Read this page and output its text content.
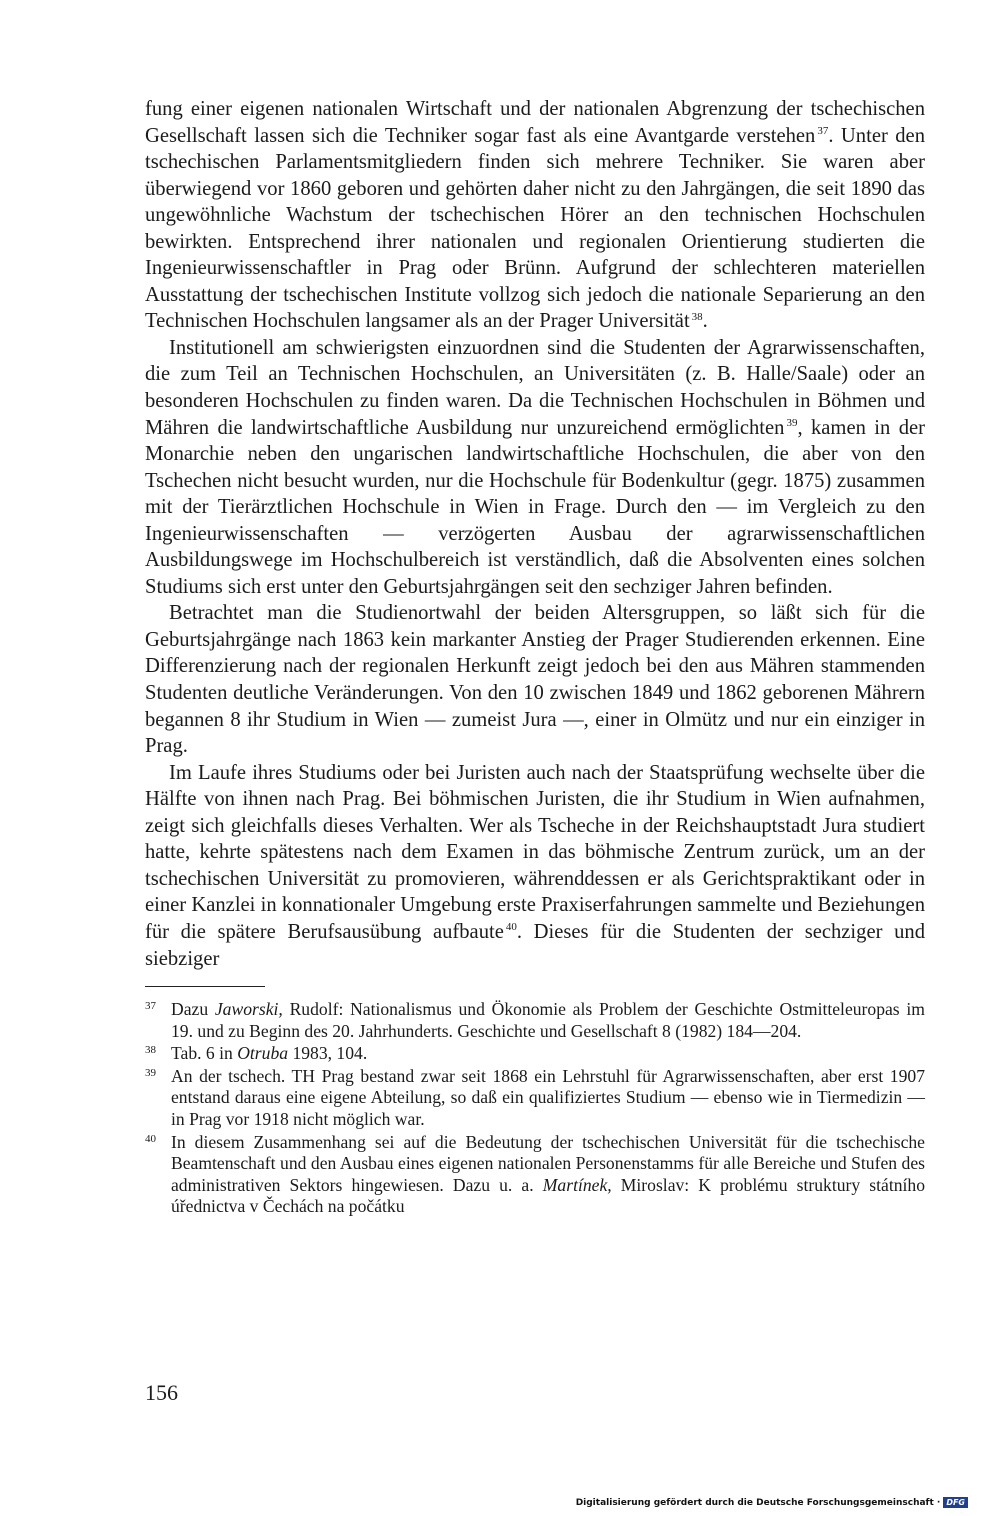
fung einer eigenen nationalen Wirtschaft und der nationalen Abgrenzung der tschechischen Gesellschaft lassen sich die Techniker sogar fast als eine Avantgarde verstehen $^{37}$. Unter den tschechischen Parlamentsmitgliedern finden sich mehrere Techniker. Sie waren aber überwiegend vor 1860 geboren und gehörten daher nicht zu den Jahrgängen, die seit 1890 das ungewöhnliche Wachstum der tschechischen Hörer an den technischen Hochschulen bewirkten. Entsprechend ihrer nationalen und regionalen Orientierung studierten die Ingenieurwissenschaftler in Prag oder Brünn. Aufgrund der schlechteren materiellen Ausstattung der tschechischen Institute vollzog sich jedoch die nationale Separierung an den Technischen Hochschulen langsamer als an der Prager Universität $^{38}$.

Institutionell am schwierigsten einzuordnen sind die Studenten der Agrarwissenschaften, die zum Teil an Technischen Hochschulen, an Universitäten (z. B. Halle/Saale) oder an besonderen Hochschulen zu finden waren. Da die Technischen Hochschulen in Böhmen und Mähren die landwirtschaftliche Ausbildung nur unzureichend ermöglichten $^{39}$, kamen in der Monarchie neben den ungarischen landwirtschaftliche Hochschulen, die aber von den Tschechen nicht besucht wurden, nur die Hochschule für Bodenkultur (gegr. 1875) zusammen mit der Tierärztlichen Hochschule in Wien in Frage. Durch den — im Vergleich zu den Ingenieurwissenschaften — verzögerten Ausbau der agrarwissenschaftlichen Ausbildungswege im Hochschulbereich ist verständlich, daß die Absolventen eines solchen Studiums sich erst unter den Geburtsjahrgängen seit den sechziger Jahren befinden.

Betrachtet man die Studienortwahl der beiden Altersgruppen, so läßt sich für die Geburtsjahrgänge nach 1863 kein markanter Anstieg der Prager Studierenden erkennen. Eine Differenzierung nach der regionalen Herkunft zeigt jedoch bei den aus Mähren stammenden Studenten deutliche Veränderungen. Von den 10 zwischen 1849 und 1862 geborenen Mährern begannen 8 ihr Studium in Wien — zumeist Jura —, einer in Olmütz und nur ein einziger in Prag.

Im Laufe ihres Studiums oder bei Juristen auch nach der Staatsprüfung wechselte über die Hälfte von ihnen nach Prag. Bei böhmischen Juristen, die ihr Studium in Wien aufnahmen, zeigt sich gleichfalls dieses Verhalten. Wer als Tscheche in der Reichshauptstadt Jura studiert hatte, kehrte spätestens nach dem Examen in das böhmische Zentrum zurück, um an der tschechischen Universität zu promovieren, währenddessen er als Gerichtspraktikant oder in einer Kanzlei in konnationaler Umgebung erste Praxiserfahrungen sammelte und Beziehungen für die spätere Berufsausübung aufbaute $^{40}$. Dieses für die Studenten der sechziger und siebziger

37 Dazu Jaworski, Rudolf: Nationalismus und Ökonomie als Problem der Geschichte Ostmitteleuropas im 19. und zu Beginn des 20. Jahrhunderts. Geschichte und Gesellschaft 8 (1982) 184—204.
38 Tab. 6 in Otruba 1983, 104.
39 An der tschech. TH Prag bestand zwar seit 1868 ein Lehrstuhl für Agrarwissenschaften, aber erst 1907 entstand daraus eine eigene Abteilung, so daß ein qualifiziertes Studium — ebenso wie in Tiermedizin — in Prag vor 1918 nicht möglich war.
40 In diesem Zusammenhang sei auf die Bedeutung der tschechischen Universität für die tschechische Beamtenschaft und den Ausbau eines eigenen nationalen Personenstamms für alle Bereiche und Stufen des administrativen Sektors hingewiesen. Dazu u. a. Martínek, Miroslav: K problému struktury státního úřednictva v Čechách na počátku
156
Digitalisierung gefördert durch die Deutsche Forschungsgemeinschaft · DFG
